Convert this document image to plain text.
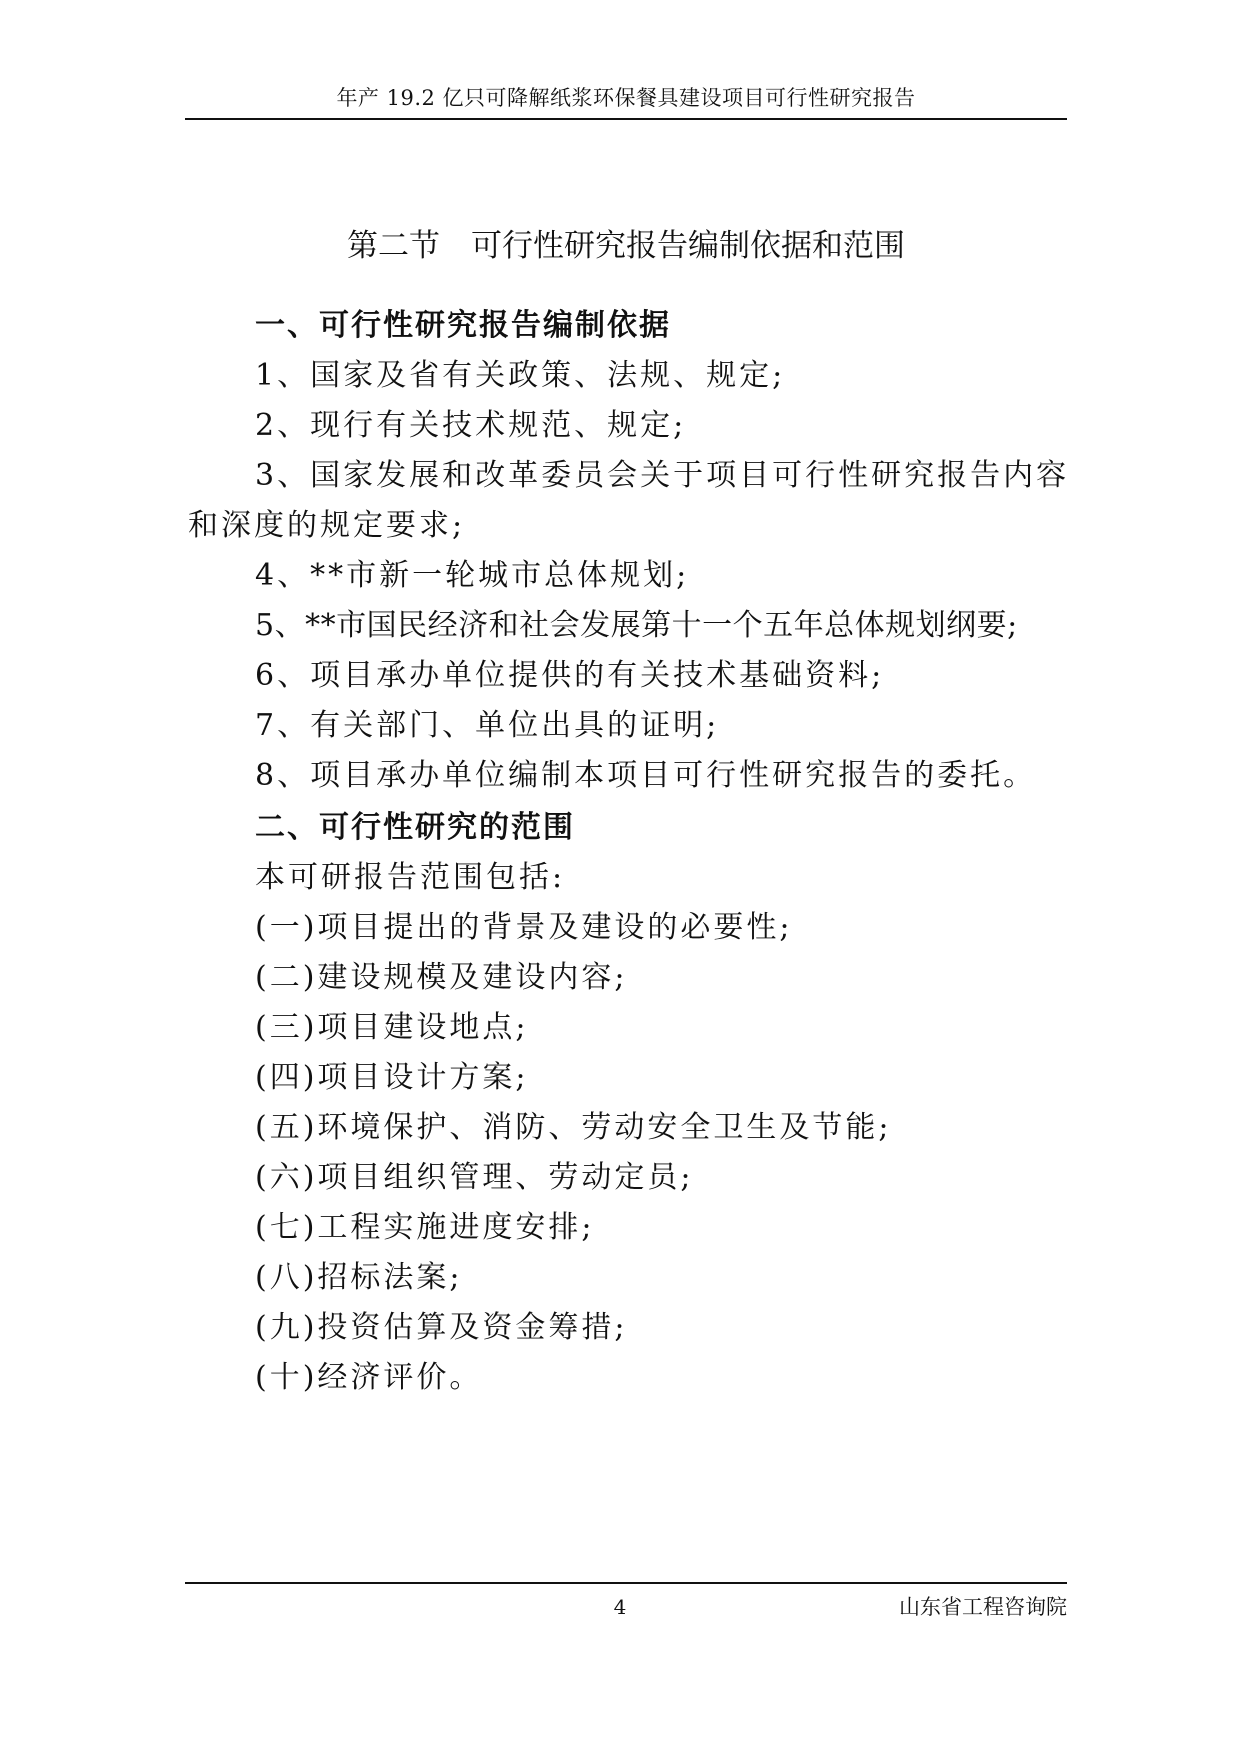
年产 19.2 亿只可降解纸浆环保餐具建设项目可行性研究报告
第二节　可行性研究报告编制依据和范围
一、可行性研究报告编制依据
1、国家及省有关政策、法规、规定;
2、现行有关技术规范、规定;
3、国家发展和改革委员会关于项目可行性研究报告内容
和深度的规定要求;
4、**市新一轮城市总体规划;
5、**市国民经济和社会发展第十一个五年总体规划纲要;
6、项目承办单位提供的有关技术基础资料;
7、有关部门、单位出具的证明;
8、项目承办单位编制本项目可行性研究报告的委托。
二、可行性研究的范围
本可研报告范围包括:
(一)项目提出的背景及建设的必要性;
(二)建设规模及建设内容;
(三)项目建设地点;
(四)项目设计方案;
(五)环境保护、消防、劳动安全卫生及节能;
(六)项目组织管理、劳动定员;
(七)工程实施进度安排;
(八)招标法案;
(九)投资估算及资金筹措;
(十)经济评价。
4	山东省工程咨询院
